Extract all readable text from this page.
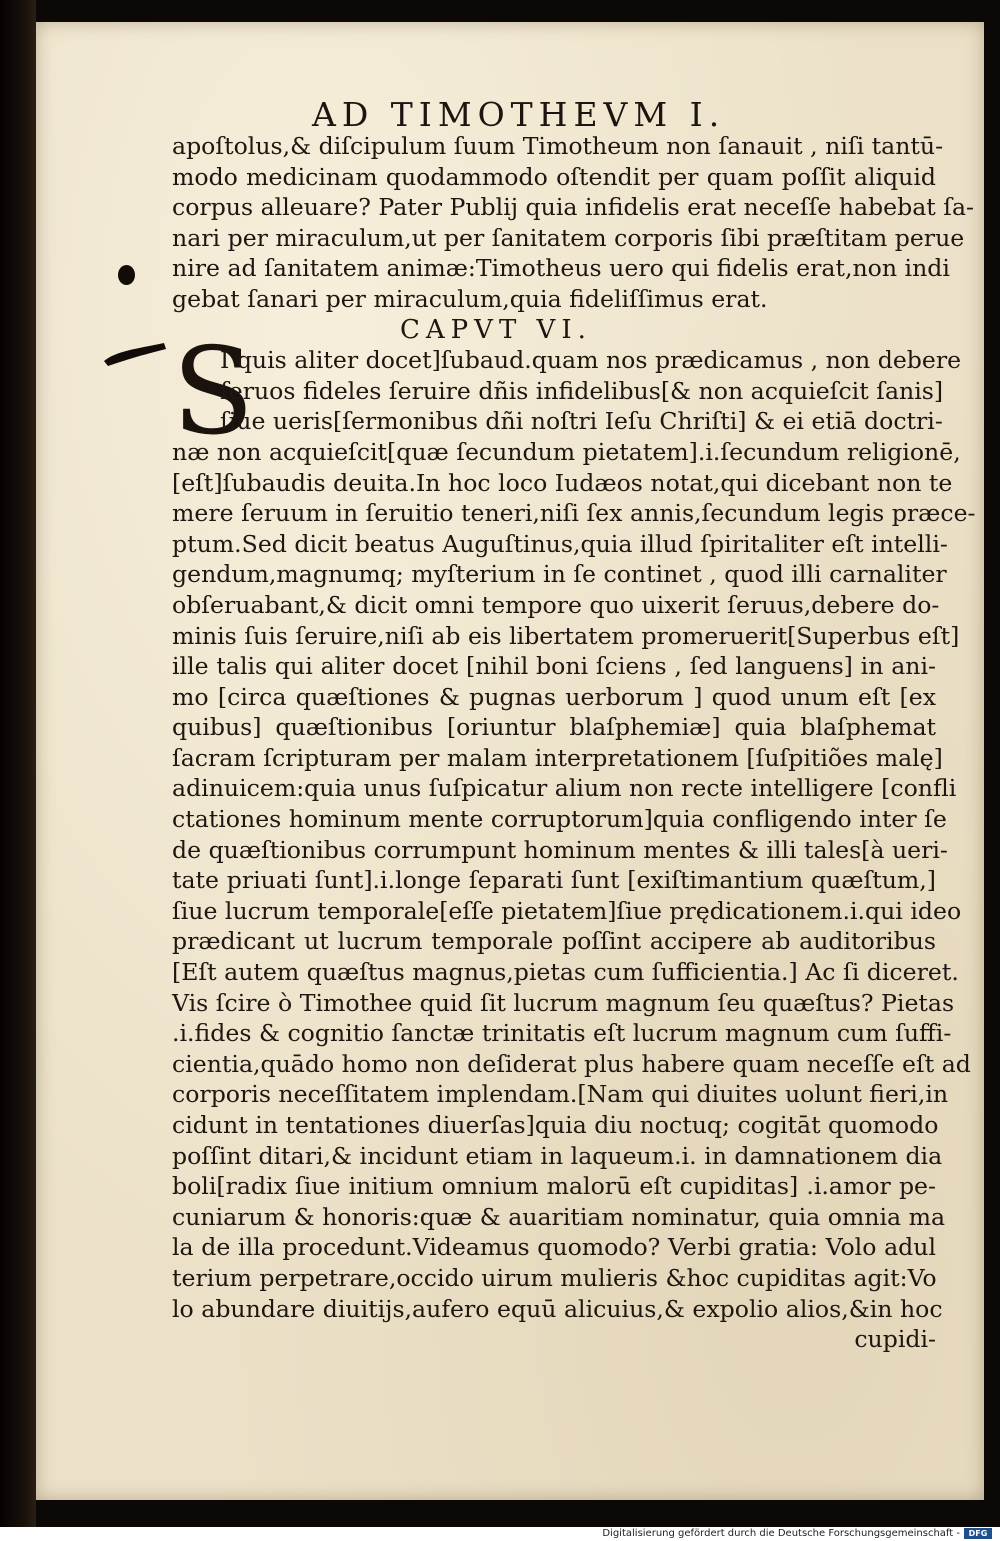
AD TIMOTHEVM I.
S
apoſtolus,& diſcipulum ſuum Timotheum non ſanauit , niſi tantū-
modo medicinam quodammodo oſtendit per quam poſſit aliquid
corpus alleuare? Pater Publij quia infidelis erat neceſſe habebat ſa-
nari per miraculum,ut per ſanitatem corporis ſibi præſtitam perue
nire ad ſanitatem animæ:Timotheus uero qui fidelis erat,non indi
gebat ſanari per miraculum,quia fideliſſimus erat.
CAPVT VI.
I quis aliter docet]ſubaud.quam nos prædicamus , non debere
ſeruos fideles ſeruire dñis infidelibus[& non acquieſcit ſanis]
ſiue ueris[ſermonibus dñi noſtri Ieſu Chriſti] & ei etiā doctri-
næ non acquieſcit[quæ ſecundum pietatem].i.ſecundum religionē,
[eſt]ſubaudis deuita.In hoc loco Iudæos notat,qui dicebant non te
mere ſeruum in ſeruitio teneri,niſi ſex annis,ſecundum legis præce-
ptum.Sed dicit beatus Auguſtinus,quia illud ſpiritaliter eſt intelli-
gendum,magnumq; myſterium in ſe continet , quod illi carnaliter
obſeruabant,& dicit omni tempore quo uixerit ſeruus,debere do-
minis ſuis ſeruire,niſi ab eis libertatem promeruerit[Superbus eſt]
ille talis qui aliter docet [nihil boni ſciens , ſed languens] in ani-
mo [circa quæſtiones & pugnas uerborum ] quod unum eſt [ex
quibus] quæſtionibus [oriuntur blaſphemiæ] quia blaſphemat
ſacram ſcripturam per malam interpretationem [ſuſpitiões malę]
adinuicem:quia unus ſuſpicatur alium non recte intelligere [confli
ctationes hominum mente corruptorum]quia confligendo inter ſe
de quæſtionibus corrumpunt hominum mentes & illi tales[à ueri-
tate priuati ſunt].i.longe ſeparati ſunt [exiſtimantium quæſtum,]
ſiue lucrum temporale[eſſe pietatem]ſiue prędicationem.i.qui ideo
prædicant ut lucrum temporale poſſint accipere ab auditoribus
[Eſt autem quæſtus magnus,pietas cum ſufficientia.] Ac ſi diceret.
Vis ſcire ò Timothee quid ſit lucrum magnum ſeu quæſtus? Pietas
.i.fides & cognitio ſanctæ trinitatis eſt lucrum magnum cum ſuffi-
cientia,quādo homo non deſiderat plus habere quam neceſſe eſt ad
corporis neceſſitatem implendam.[Nam qui diuites uolunt fieri,in
cidunt in tentationes diuerſas]quia diu noctuq; cogitāt quomodo
poſſint ditari,& incidunt etiam in laqueum.i. in damnationem dia
boli[radix ſiue initium omnium malorū eſt cupiditas] .i.amor pe-
cuniarum & honoris:quæ & auaritiam nominatur, quia omnia ma
la de illa procedunt.Videamus quomodo? Verbi gratia: Volo adul
terium perpetrare,occido uirum mulieris &hoc cupiditas agit:Vo
lo abundare diuitijs,aufero equū alicuius,& expolio alios,&in hoc
cupidi-
Digitalisierung gefördert durch die Deutsche Forschungsgemeinschaft -	DFG
